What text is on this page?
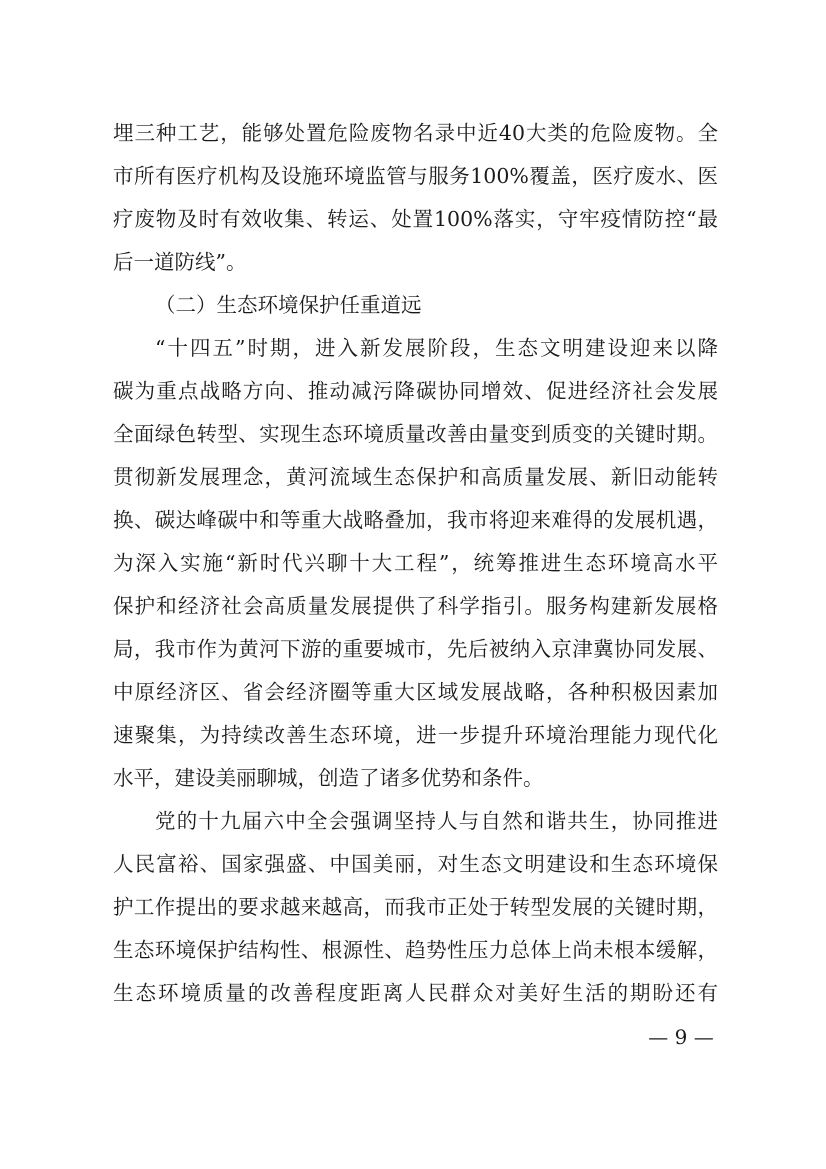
埋三种工艺，能够处置危险废物名录中近40大类的危险废物。全
市所有医疗机构及设施环境监管与服务100%覆盖，医疗废水、医
疗废物及时有效收集、转运、处置100%落实，守牢疫情防控“最
后一道防线”。
（二）生态环境保护任重道远
“十四五”时期，进入新发展阶段，生态文明建设迎来以降
碳为重点战略方向、推动减污降碳协同增效、促进经济社会发展
全面绿色转型、实现生态环境质量改善由量变到质变的关键时期。
贯彻新发展理念，黄河流域生态保护和高质量发展、新旧动能转
换、碳达峰碳中和等重大战略叠加，我市将迎来难得的发展机遇，
为深入实施“新时代兴聊十大工程”，统筹推进生态环境高水平
保护和经济社会高质量发展提供了科学指引。服务构建新发展格
局，我市作为黄河下游的重要城市，先后被纳入京津冀协同发展、
中原经济区、省会经济圈等重大区域发展战略，各种积极因素加
速聚集，为持续改善生态环境，进一步提升环境治理能力现代化
水平，建设美丽聊城，创造了诸多优势和条件。
党的十九届六中全会强调坚持人与自然和谐共生，协同推进
人民富裕、国家强盛、中国美丽，对生态文明建设和生态环境保
护工作提出的要求越来越高，而我市正处于转型发展的关键时期，
生态环境保护结构性、根源性、趋势性压力总体上尚未根本缓解，
生态环境质量的改善程度距离人民群众对美好生活的期盼还有
— 9 —
